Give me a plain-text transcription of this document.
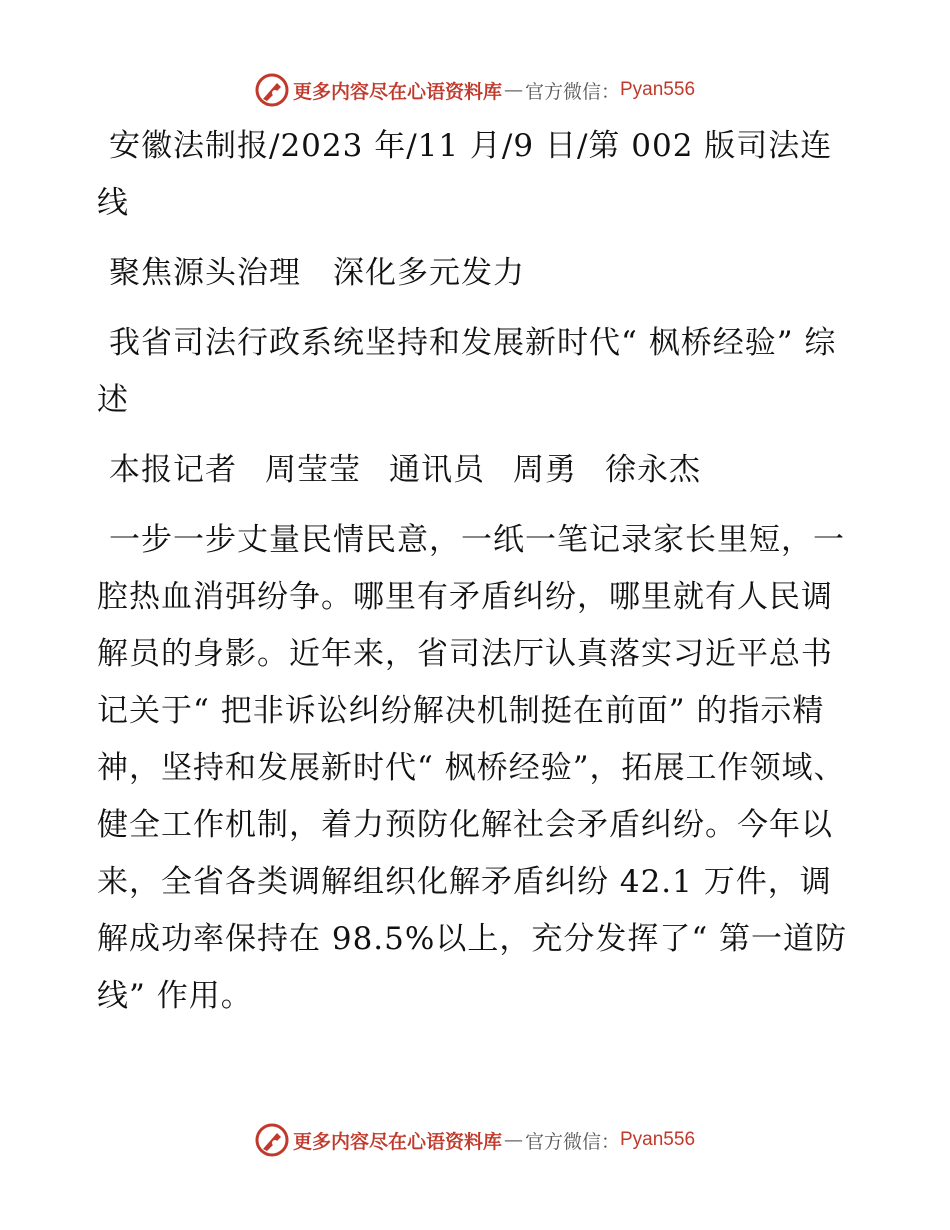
更多内容尽在心语资料库 — 官方微信： Pyan556

安徽法制报/2023 年/11 月/9 日/第 002 版司法连线

聚焦源头治理　深化多元发力

我省司法行政系统坚持和发展新时代“ 枫桥经验” 综述

本报记者 周莹莹 通讯员 周勇 徐永杰

一步一步丈量民情民意，一纸一笔记录家长里短，一腔热血消弭纷争。哪里有矛盾纠纷，哪里就有人民调解员的身影。近年来，省司法厅认真落实习近平总书记关于“ 把非诉讼纠纷解决机制挺在前面” 的指示精神，坚持和发展新时代“ 枫桥经验”，拓展工作领域、健全工作机制，着力预防化解社会矛盾纠纷。今年以来，全省各类调解组织化解矛盾纠纷 42.1 万件，调解成功率保持在 98.5%以上，充分发挥了“ 第一道防线” 作用。

更多内容尽在心语资料库 — 官方微信： Pyan556
